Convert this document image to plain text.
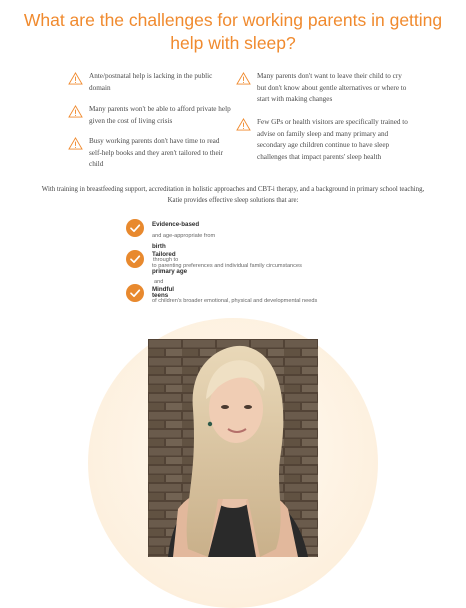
What are the challenges for working parents in getting help with sleep?
Ante/postnatal help is lacking in the public domain
Many parents won't be able to afford private help given the cost of living crisis
Busy working parents don't have time to read self-help books and they aren't tailored to their child
Many parents don't want to leave their child to cry but don't know about gentle alternatives or where to start with making changes
Few GPs or health visitors are specifically trained to advise on family sleep and many primary and secondary age children continue to have sleep challenges that impact parents' sleep health
With training in breastfeeding support, accreditation in holistic approaches and CBT-i therapy, and a background in primary school teaching, Katie provides effective sleep solutions that are:
Evidence-based
and age-appropriate from
birth
Tailored
through to
to parenting preferences and individual family circumstances
primary age
and
Mindful
teens
of children's broader emotional, physical and developmental needs
